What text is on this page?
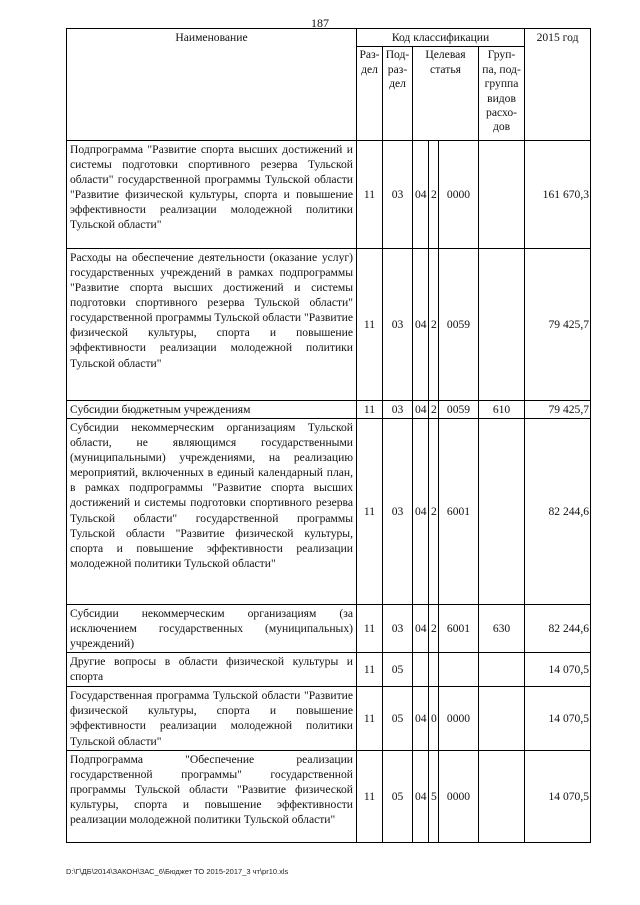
187
Наименование	Код классификации						2015 год
	Раз-дел	Под-раз-дел	Целевая статья			Груп-па, под-группа видов расхо-дов	
Подпрограмма "Развитие спорта высших достижений и системы подготовки спортивного резерва Тульской области" государственной программы Тульской области "Развитие физической культуры, спорта и повышение эффективности реализации молодежной политики Тульской области"	11	03	04	2	0000		161 670,3
Расходы на обеспечение деятельности (оказание услуг) государственных учреждений в рамках подпрограммы "Развитие спорта высших достижений и системы подготовки спортивного резерва Тульской области" государственной программы Тульской области "Развитие физической культуры, спорта и повышение эффективности реализации молодежной политики Тульской области"	11	03	04	2	0059		79 425,7
Субсидии бюджетным учреждениям	11	03	04	2	0059	610	79 425,7
Субсидии некоммерческим организациям Тульской области, не являющимся государственными (муниципальными) учреждениями, на реализацию мероприятий, включенных в единый календарный план, в рамках подпрограммы "Развитие спорта высших достижений и системы подготовки спортивного резерва Тульской области" государственной программы Тульской области "Развитие физической культуры, спорта и повышение эффективности реализации молодежной политики Тульской области"	11	03	04	2	6001		82 244,6
Субсидии некоммерческим организациям (за исключением государственных (муниципальных) учреждений)	11	03	04	2	6001	630	82 244,6
Другие вопросы в области физической культуры и спорта	11	05					14 070,5
Государственная программа Тульской области "Развитие физической культуры, спорта и повышение эффективности реализации молодежной политики Тульской области"	11	05	04	0	0000		14 070,5
Подпрограмма "Обеспечение реализации государственной программы" государственной программы Тульской области "Развитие физической культуры, спорта и повышение эффективности реализации молодежной политики Тульской области"	11	05	04	5	0000		14 070,5
D:\Г\ДБ\2014\ЗАКОН\ЗАС_6\Бюджет ТО 2015-2017_3 чт\pr10.xls
